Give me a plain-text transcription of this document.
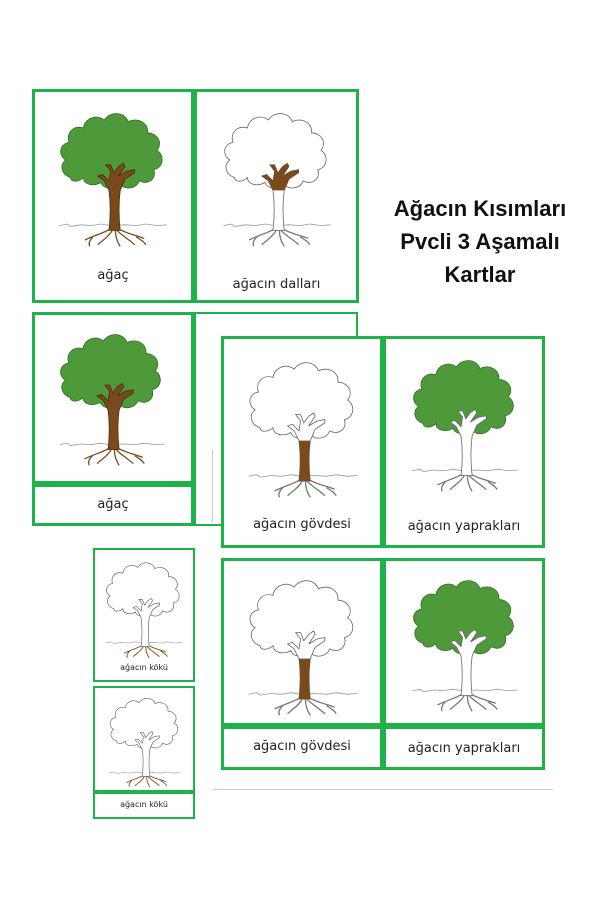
ağaç
ağacın dalları
Ağacın Kısımları
Pvcli 3 Aşamalı
Kartlar
ağaç
ağacın gövdesi	ağacın yaprakları
ağacın gövdesi	ağacın yaprakları
ağacın kökü
ağacın kökü
